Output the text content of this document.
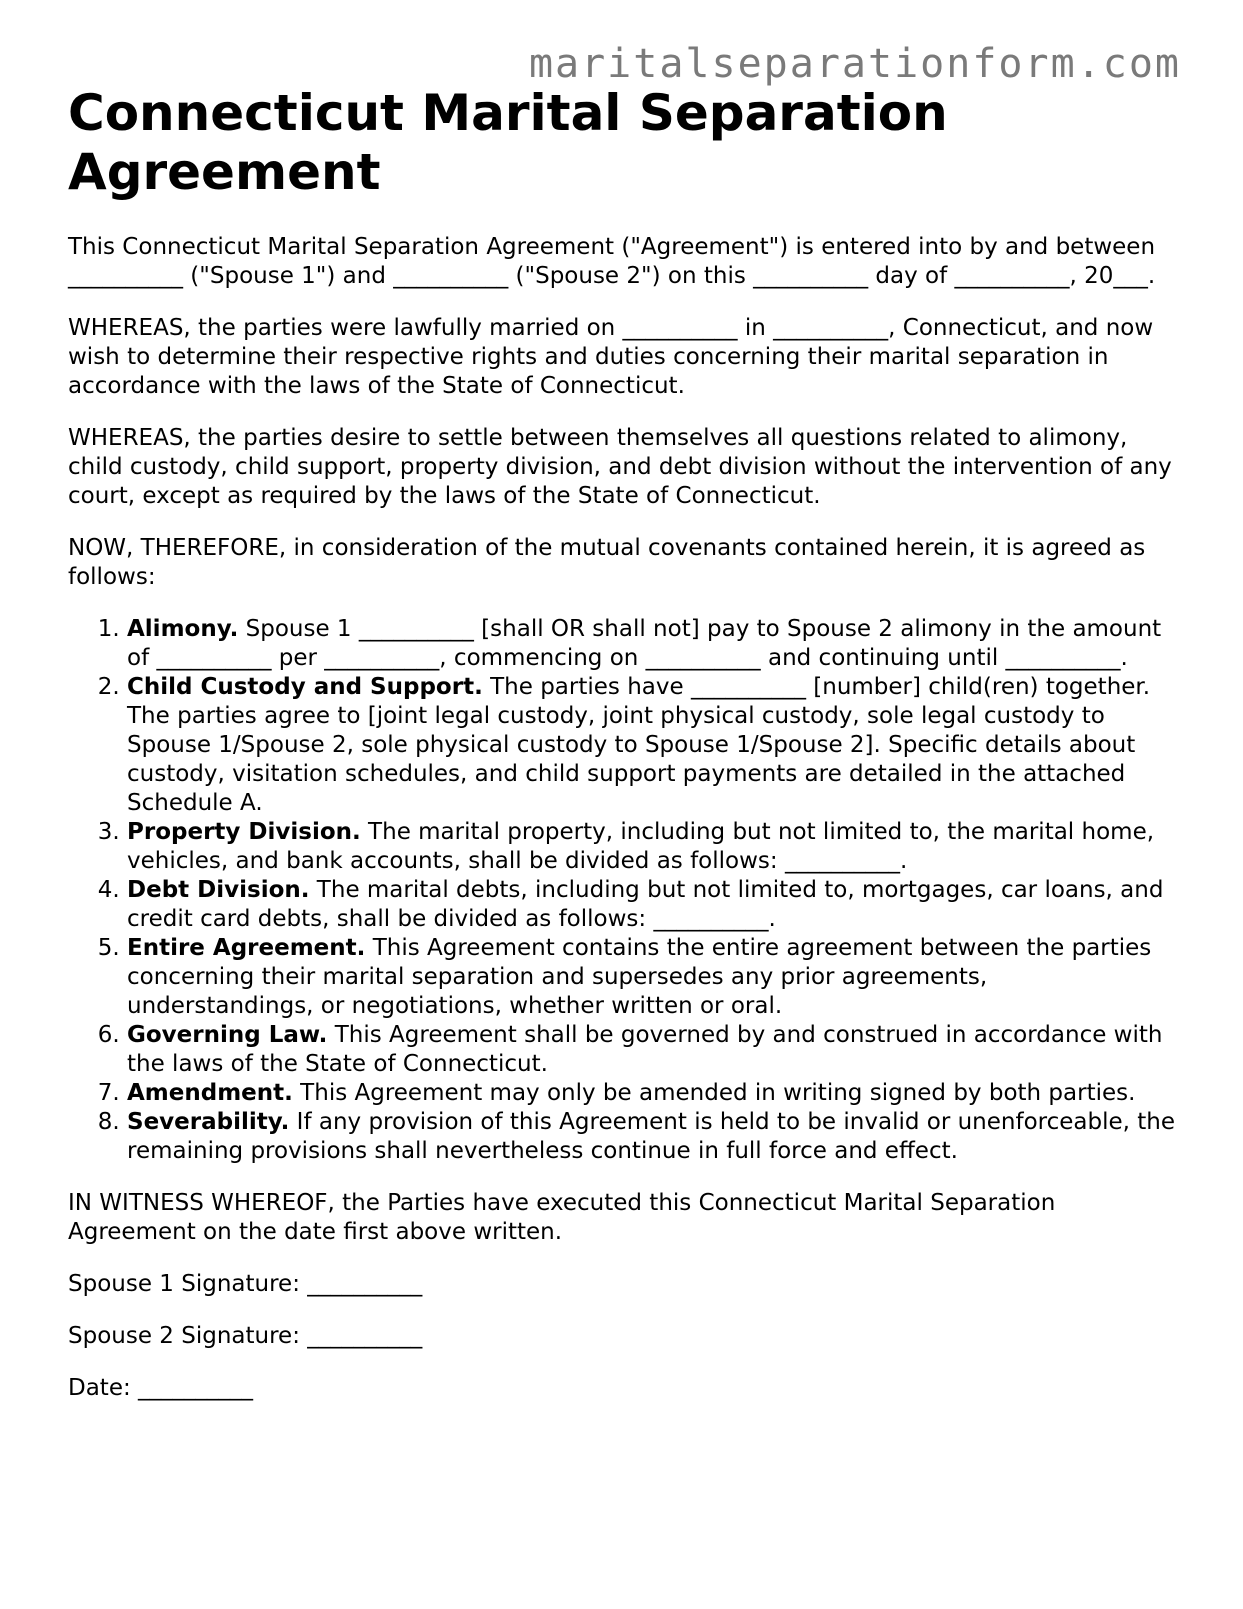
maritalseparationform.com
Connecticut Marital Separation Agreement

This Connecticut Marital Separation Agreement ("Agreement") is entered into by and between __________ ("Spouse 1") and __________ ("Spouse 2") on this __________ day of __________, 20___.

WHEREAS, the parties were lawfully married on __________ in __________, Connecticut, and now wish to determine their respective rights and duties concerning their marital separation in accordance with the laws of the State of Connecticut.

WHEREAS, the parties desire to settle between themselves all questions related to alimony, child custody, child support, property division, and debt division without the intervention of any court, except as required by the laws of the State of Connecticut.

NOW, THEREFORE, in consideration of the mutual covenants contained herein, it is agreed as follows:

1. Alimony. Spouse 1 __________ [shall OR shall not] pay to Spouse 2 alimony in the amount of __________ per __________, commencing on __________ and continuing until __________.
2. Child Custody and Support. The parties have __________ [number] child(ren) together. The parties agree to [joint legal custody, joint physical custody, sole legal custody to Spouse 1/Spouse 2, sole physical custody to Spouse 1/Spouse 2]. Specific details about custody, visitation schedules, and child support payments are detailed in the attached Schedule A.
3. Property Division. The marital property, including but not limited to, the marital home, vehicles, and bank accounts, shall be divided as follows: __________.
4. Debt Division. The marital debts, including but not limited to, mortgages, car loans, and credit card debts, shall be divided as follows: __________.
5. Entire Agreement. This Agreement contains the entire agreement between the parties concerning their marital separation and supersedes any prior agreements, understandings, or negotiations, whether written or oral.
6. Governing Law. This Agreement shall be governed by and construed in accordance with the laws of the State of Connecticut.
7. Amendment. This Agreement may only be amended in writing signed by both parties.
8. Severability. If any provision of this Agreement is held to be invalid or unenforceable, the remaining provisions shall nevertheless continue in full force and effect.

IN WITNESS WHEREOF, the Parties have executed this Connecticut Marital Separation Agreement on the date first above written.

Spouse 1 Signature: __________

Spouse 2 Signature: __________

Date: __________
